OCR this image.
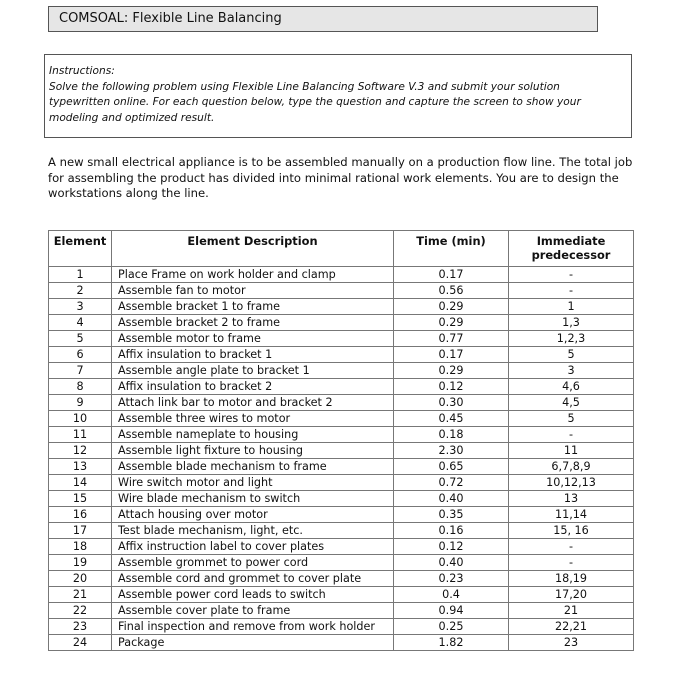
COMSOAL: Flexible Line Balancing
Instructions:
Solve the following problem using Flexible Line Balancing Software V.3 and submit your solution
typewritten online. For each question below, type the question and capture the screen to show your
modeling and optimized result.
A new small electrical appliance is to be assembled manually on a production flow line. The total job
for assembling the product has divided into minimal rational work elements. You are to design the
workstations along the line.
Element	Element Description	Time (min)	Immediate predecessor
1	Place Frame on work holder and clamp	0.17	-
2	Assemble fan to motor	0.56	-
3	Assemble bracket 1 to frame	0.29	1
4	Assemble bracket 2 to frame	0.29	1,3
5	Assemble motor to frame	0.77	1,2,3
6	Affix insulation to bracket 1	0.17	5
7	Assemble angle plate to bracket 1	0.29	3
8	Affix insulation to bracket 2	0.12	4,6
9	Attach link bar to motor and bracket 2	0.30	4,5
10	Assemble three wires to motor	0.45	5
11	Assemble nameplate to housing	0.18	-
12	Assemble light fixture to housing	2.30	11
13	Assemble blade mechanism to frame	0.65	6,7,8,9
14	Wire switch motor and light	0.72	10,12,13
15	Wire blade mechanism to switch	0.40	13
16	Attach housing over motor	0.35	11,14
17	Test blade mechanism, light, etc.	0.16	15, 16
18	Affix instruction label to cover plates	0.12	-
19	Assemble grommet to power cord	0.40	-
20	Assemble cord and grommet to cover plate	0.23	18,19
21	Assemble power cord leads to switch	0.4	17,20
22	Assemble cover plate to frame	0.94	21
23	Final inspection and remove from work holder	0.25	22,21
24	Package	1.82	23
